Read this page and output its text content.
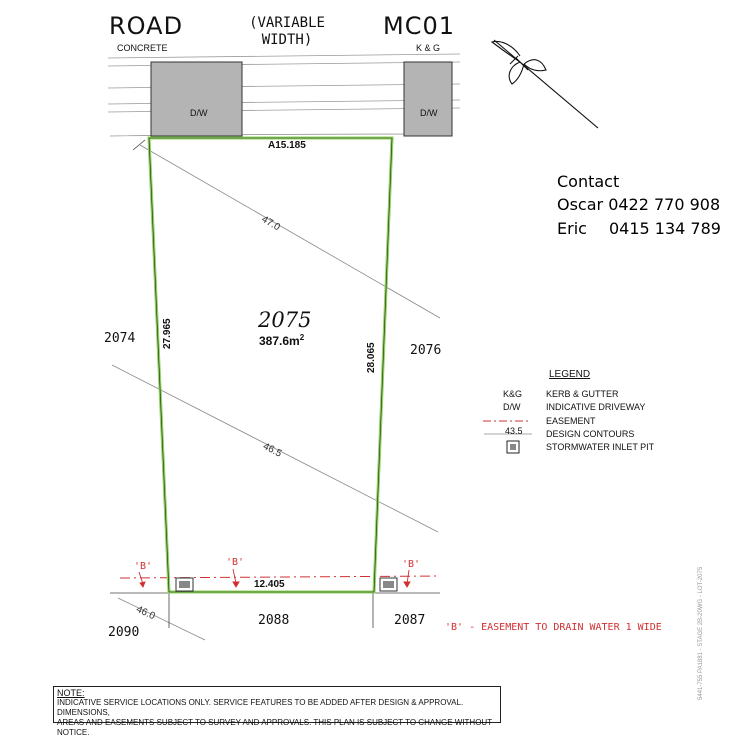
ROAD	(VARIABLE
WIDTH)	MC01
CONCRETE	K & G
D/W	D/W
Contact
Oscar 0422 770 908
Eric 0415 134 789
A15.185
2075
$387.6m^2$
27.965
28.065
12.405
47.0
46.5
46.0
2074
2076
2090
2088	2087
'B'	'B'	'B'
'B' - EASEMENT TO DRAIN WATER 1 WIDE
LEGEND
K&G	KERB & GUTTER
D/W	INDICATIVE DRIVEWAY
EASEMENT
43.5	DESIGN CONTOURS
STORMWATER INLET PIT
NOTE:
INDICATIVE SERVICE LOCATIONS ONLY. SERVICE FEATURES TO BE ADDED AFTER DESIGN & APPROVAL. DIMENSIONS,
AREAS AND EASEMENTS SUBJECT TO SURVEY AND APPROVALS. THIS PLAN IS SUBJECT TO CHANGE WITHOUT NOTICE.
5441-755 PA1881 - STAGE 2B-20WG - LOT-2075
